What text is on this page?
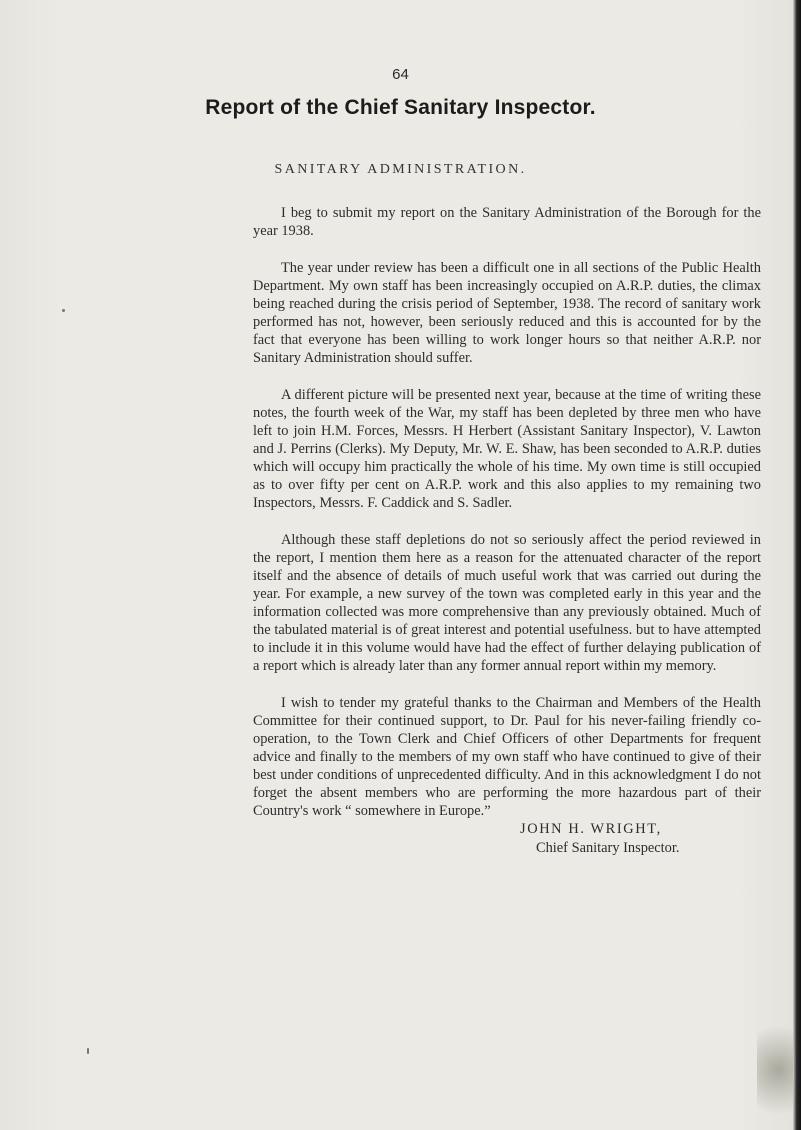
64
Report of the Chief Sanitary Inspector.
SANITARY ADMINISTRATION.

I beg to submit my report on the Sanitary Administration of the Borough for the year 1938.

The year under review has been a difficult one in all sections of the Public Health Department. My own staff has been increasingly occupied on A.R.P. duties, the climax being reached during the crisis period of September, 1938. The record of sanitary work performed has not, however, been seriously reduced and this is accounted for by the fact that everyone has been willing to work longer hours so that neither A.R.P. nor Sanitary Administration should suffer.

A different picture will be presented next year, because at the time of writing these notes, the fourth week of the War, my staff has been depleted by three men who have left to join H.M. Forces, Messrs. H Herbert (Assistant Sanitary Inspector), V. Lawton and J. Perrins (Clerks). My Deputy, Mr. W. E. Shaw, has been seconded to A.R.P. duties which will occupy him practically the whole of his time. My own time is still occupied as to over fifty per cent on A.R.P. work and this also applies to my remaining two Inspectors, Messrs. F. Caddick and S. Sadler.

Although these staff depletions do not so seriously affect the period reviewed in the report, I mention them here as a reason for the attenuated character of the report itself and the absence of details of much useful work that was carried out during the year. For example, a new survey of the town was completed early in this year and the information collected was more comprehensive than any previously obtained. Much of the tabulated material is of great interest and potential usefulness. but to have attempted to include it in this volume would have had the effect of further delaying publication of a report which is already later than any former annual report within my memory.

I wish to tender my grateful thanks to the Chairman and Members of the Health Committee for their continued support, to Dr. Paul for his never-failing friendly co-operation, to the Town Clerk and Chief Officers of other Departments for frequent advice and finally to the members of my own staff who have continued to give of their best under conditions of unprecedented difficulty. And in this acknowledgment I do not forget the absent members who are performing the more hazardous part of their Country's work “ somewhere in Europe.”

JOHN H. WRIGHT,
Chief Sanitary Inspector.
